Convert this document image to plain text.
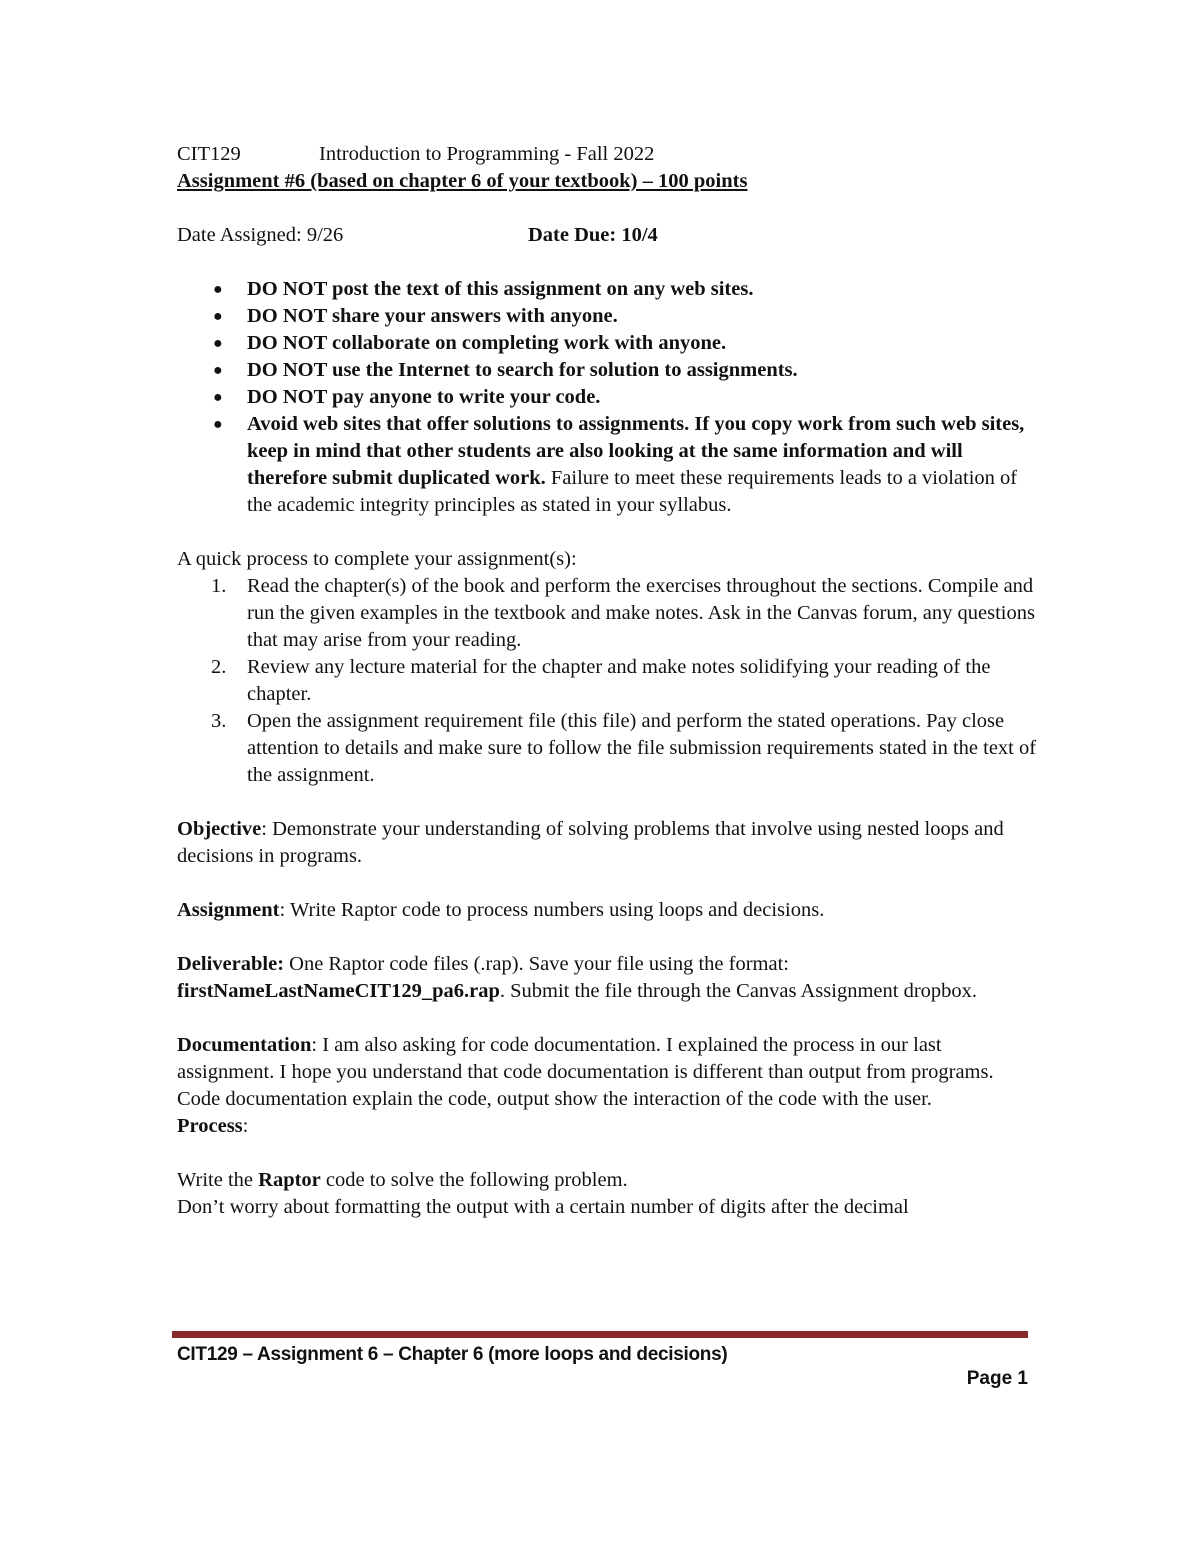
CIT129	Introduction to Programming - Fall 2022
Assignment #6 (based on chapter 6 of your textbook) – 100 points
Date Assigned: 9/26	Date Due: 10/4
● DO NOT post the text of this assignment on any web sites.
● DO NOT share your answers with anyone.
● DO NOT collaborate on completing work with anyone.
● DO NOT use the Internet to search for solution to assignments.
● DO NOT pay anyone to write your code.
● Avoid web sites that offer solutions to assignments. If you copy work from such web sites, keep in mind that other students are also looking at the same information and will therefore submit duplicated work. Failure to meet these requirements leads to a violation of the academic integrity principles as stated in your syllabus.
A quick process to complete your assignment(s):
1. Read the chapter(s) of the book and perform the exercises throughout the sections. Compile and run the given examples in the textbook and make notes. Ask in the Canvas forum, any questions that may arise from your reading.
2. Review any lecture material for the chapter and make notes solidifying your reading of the chapter.
3. Open the assignment requirement file (this file) and perform the stated operations. Pay close attention to details and make sure to follow the file submission requirements stated in the text of the assignment.
Objective: Demonstrate your understanding of solving problems that involve using nested loops and decisions in programs.
Assignment: Write Raptor code to process numbers using loops and decisions.
Deliverable: One Raptor code files (.rap). Save your file using the format: firstNameLastNameCIT129_pa6.rap. Submit the file through the Canvas Assignment dropbox.
Documentation: I am also asking for code documentation. I explained the process in our last assignment. I hope you understand that code documentation is different than output from programs. Code documentation explain the code, output show the interaction of the code with the user.
Process:
Write the Raptor code to solve the following problem.
Don’t worry about formatting the output with a certain number of digits after the decimal
CIT129 – Assignment 6 – Chapter 6 (more loops and decisions)
Page 1
